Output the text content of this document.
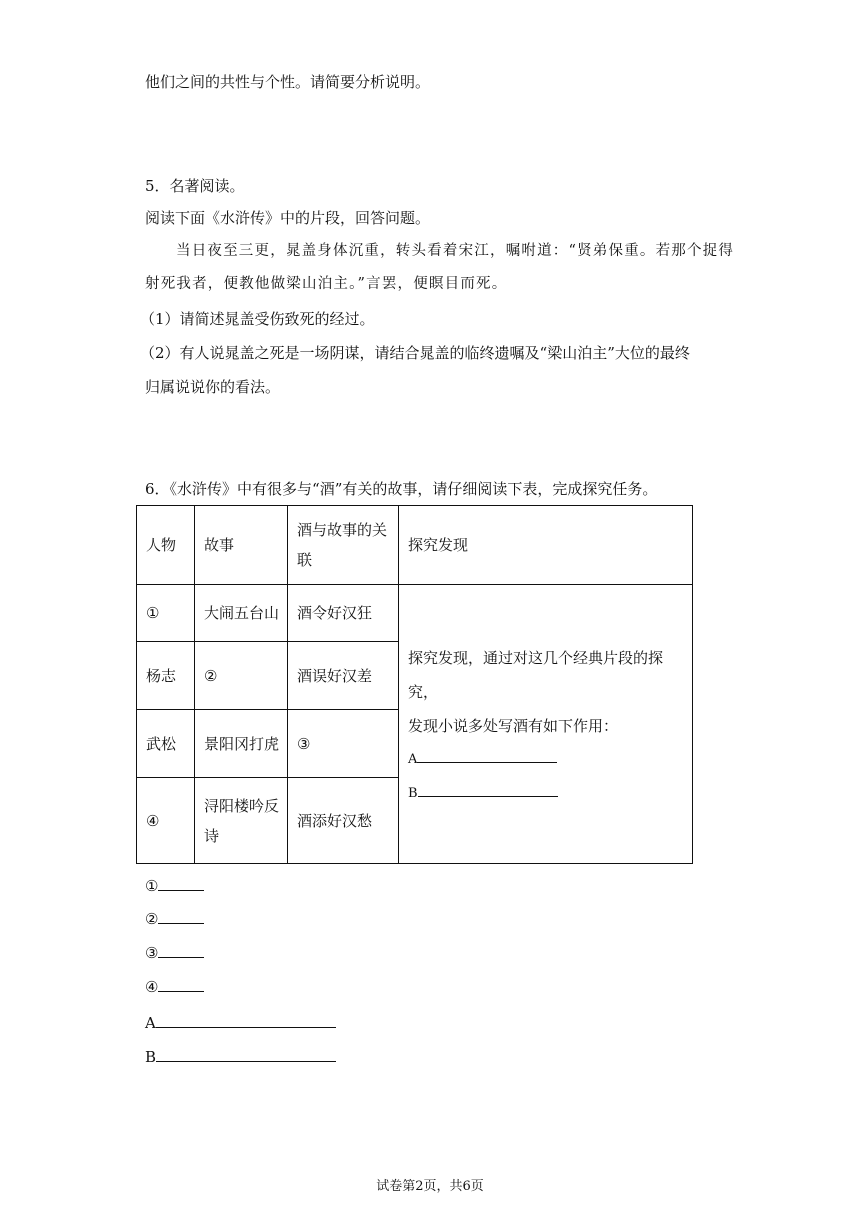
他们之间的共性与个性。请简要分析说明。
5．名著阅读。
阅读下面《水浒传》中的片段，回答问题。
当日夜至三更，晁盖身体沉重，转头看着宋江，嘱咐道：“贤弟保重。若那个捉得
射死我者，便教他做梁山泊主。”言罢，便瞑目而死。
（1）请简述晁盖受伤致死的经过。
（2）有人说晁盖之死是一场阴谋，请结合晁盖的临终遗嘱及“梁山泊主”大位的最终
归属说说你的看法。
6．《水浒传》中有很多与“酒”有关的故事，请仔细阅读下表，完成探究任务。
人物	故事	酒与故事的关联	探究发现
①	大闹五台山	酒令好汉狂	探究发现，通过对这几个经典片段的探究，
发现小说多处写酒有如下作用：
A
B

杨志	②	酒误好汉差	
武松	景阳冈打虎	③	
④	浔阳楼吟反诗	酒添好汉愁	
①
②
③
④
A
B
试卷第2页，共6页
